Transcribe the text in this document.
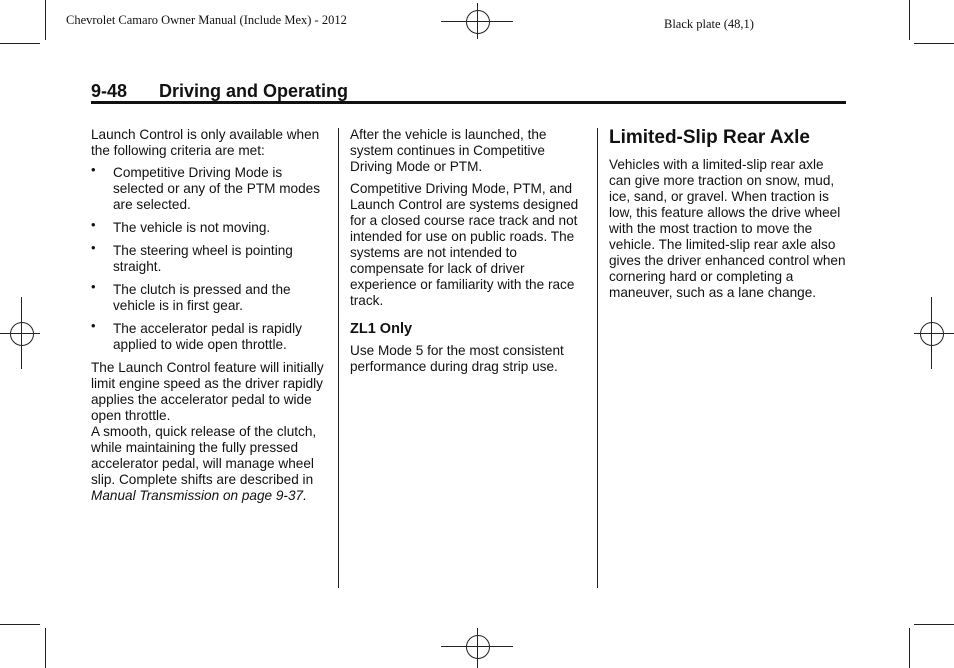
Chevrolet Camaro Owner Manual (Include Mex) - 2012	Black plate (48,1)
9-48 Driving and Operating

Launch Control is only available when the following criteria are met:

• Competitive Driving Mode is selected or any of the PTM modes are selected.
• The vehicle is not moving.
• The steering wheel is pointing straight.
• The clutch is pressed and the vehicle is in first gear.
• The accelerator pedal is rapidly applied to wide open throttle.

The Launch Control feature will initially limit engine speed as the driver rapidly applies the accelerator pedal to wide open throttle.

A smooth, quick release of the clutch, while maintaining the fully pressed accelerator pedal, will manage wheel slip. Complete shifts are described in Manual Transmission on page 9-37.

After the vehicle is launched, the system continues in Competitive Driving Mode or PTM.

Competitive Driving Mode, PTM, and Launch Control are systems designed for a closed course race track and not intended for use on public roads. The systems are not intended to compensate for lack of driver experience or familiarity with the race track.

ZL1 Only

Use Mode 5 for the most consistent performance during drag strip use.

Limited-Slip Rear Axle

Vehicles with a limited-slip rear axle can give more traction on snow, mud, ice, sand, or gravel. When traction is low, this feature allows the drive wheel with the most traction to move the vehicle. The limited-slip rear axle also gives the driver enhanced control when cornering hard or completing a maneuver, such as a lane change.
